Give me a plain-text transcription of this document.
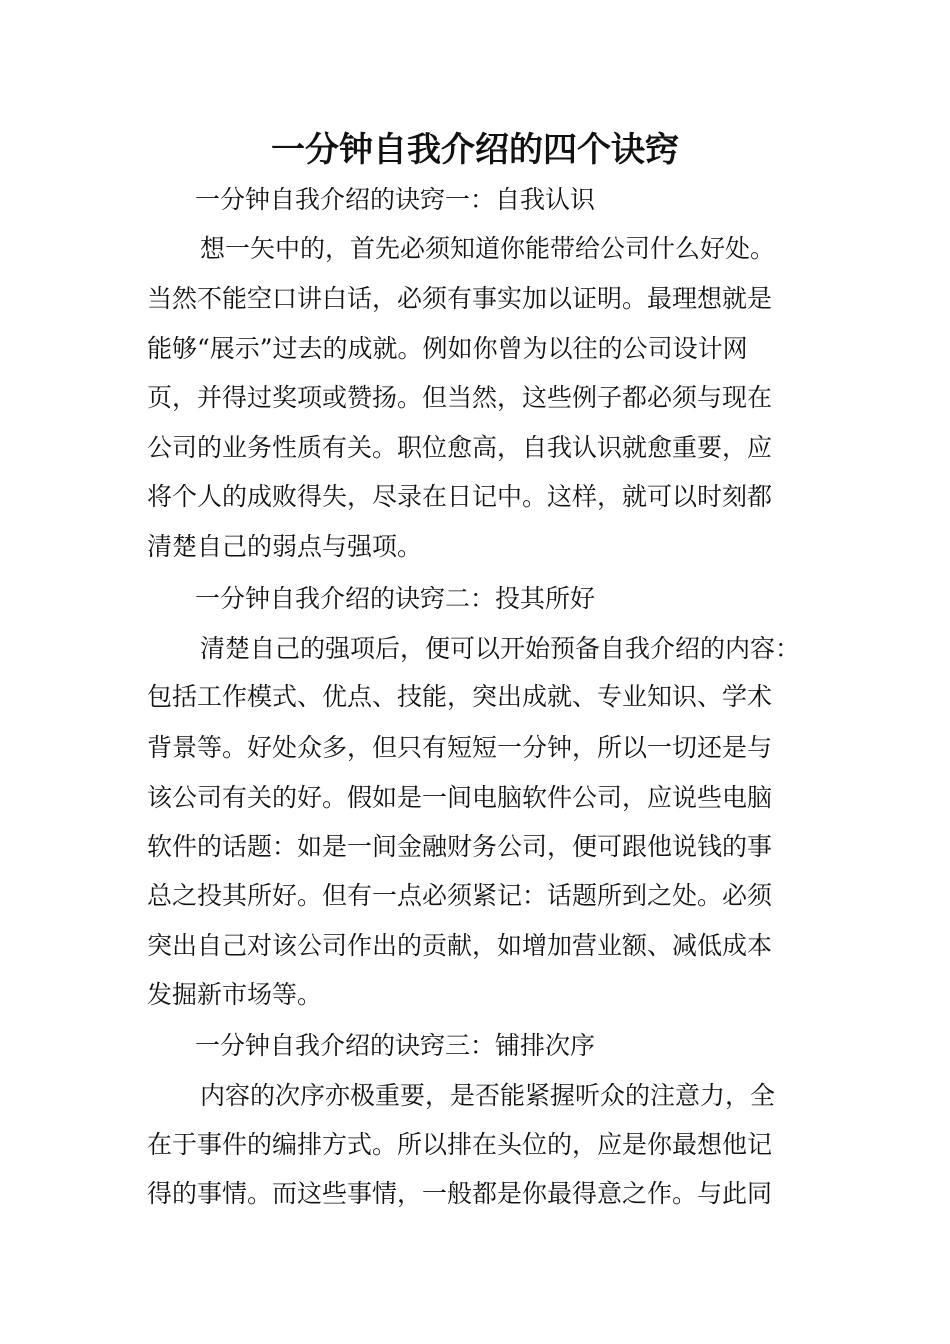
一分钟自我介绍的四个诀窍
一分钟自我介绍的诀窍一：自我认识
想一矢中的，首先必须知道你能带给公司什么好处。
当然不能空口讲白话，必须有事实加以证明。最理想就是
能够“展示”过去的成就。例如你曾为以往的公司设计网
页，并得过奖项或赞扬。但当然，这些例子都必须与现在
公司的业务性质有关。职位愈高，自我认识就愈重要，应
将个人的成败得失，尽录在日记中。这样，就可以时刻都
清楚自己的弱点与强项。
一分钟自我介绍的诀窍二：投其所好
清楚自己的强项后，便可以开始预备自我介绍的内容：
包括工作模式、优点、技能，突出成就、专业知识、学术
背景等。好处众多，但只有短短一分钟，所以一切还是与
该公司有关的好。假如是一间电脑软件公司，应说些电脑
软件的话题：如是一间金融财务公司，便可跟他说钱的事
总之投其所好。但有一点必须紧记：话题所到之处。必须
突出自己对该公司作出的贡献，如增加营业额、减低成本
发掘新市场等。
一分钟自我介绍的诀窍三：铺排次序
内容的次序亦极重要，是否能紧握听众的注意力，全
在于事件的编排方式。所以排在头位的，应是你最想他记
得的事情。而这些事情，一般都是你最得意之作。与此同
